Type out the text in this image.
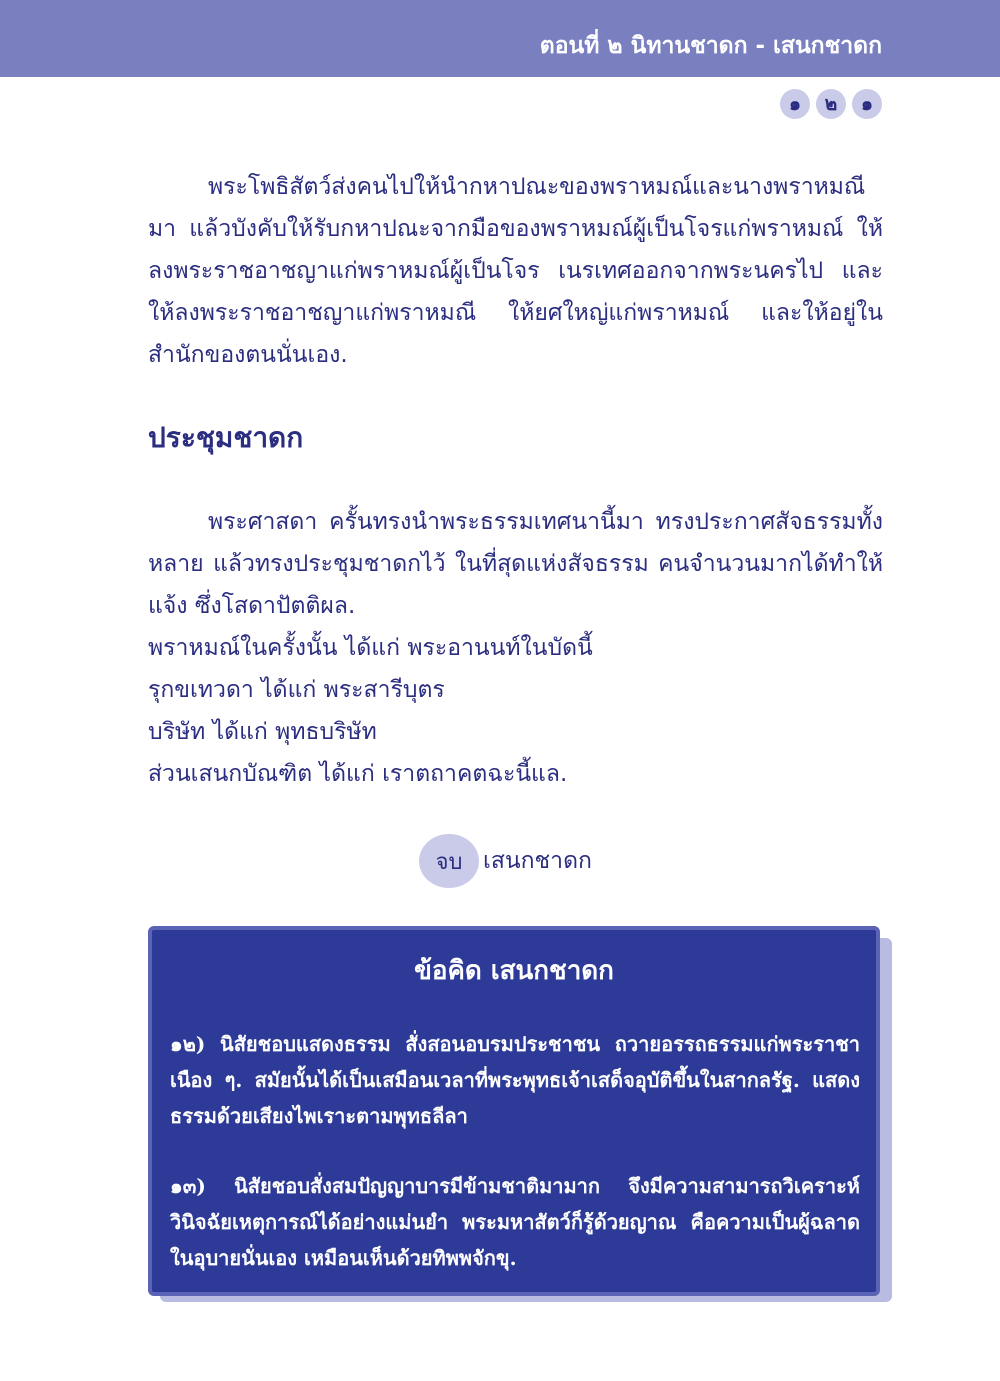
ตอนที่ ๒ นิทานชาดก - เสนกชาดก
๑	๒	๑

พระโพธิสัตว์ส่งคนไปให้นำกหาปณะของพราหมณ์และนางพราหมณีมา แล้วบังคับให้รับกหาปณะจากมือของพราหมณ์ผู้เป็นโจรแก่พราหมณ์ ให้ลงพระราชอาชญาแก่พราหมณ์ผู้เป็นโจร เนรเทศออกจากพระนครไป และให้ลงพระราชอาชญาแก่พราหมณี ให้ยศใหญ่แก่พราหมณ์ และให้อยู่ในสำนักของตนนั่นเอง.

ประชุมชาดก

พระศาสดา ครั้นทรงนำพระธรรมเทศนานี้มา ทรงประกาศสัจธรรมทั้งหลาย แล้วทรงประชุมชาดกไว้ ในที่สุดแห่งสัจธรรม คนจำนวนมากได้ทำให้แจ้ง ซึ่งโสดาปัตติผล.

พราหมณ์ในครั้งนั้น ได้แก่ พระอานนท์ในบัดนี้
รุกขเทวดา ได้แก่ พระสารีบุตร
บริษัท ได้แก่ พุทธบริษัท
ส่วนเสนกบัณฑิต ได้แก่ เราตถาคตฉะนี้แล.
จบ เสนกชาดก
ข้อคิด เสนกชาดก
๑๒) นิสัยชอบแสดงธรรม สั่งสอนอบรมประชาชน ถวายอรรถธรรมแก่พระราชาเนือง ๆ. สมัยนั้นได้เป็นเสมือนเวลาที่พระพุทธเจ้าเสด็จอุบัติขึ้นในสากลรัฐ. แสดงธรรมด้วยเสียงไพเราะตามพุทธลีลา
๑๓) นิสัยชอบสั่งสมปัญญาบารมีข้ามชาติมามาก จึงมีความสามารถวิเคราะห์วินิจฉัยเหตุการณ์ได้อย่างแม่นยำ พระมหาสัตว์ก็รู้ด้วยญาณ คือความเป็นผู้ฉลาดในอุบายนั่นเอง เหมือนเห็นด้วยทิพพจักขุ.
